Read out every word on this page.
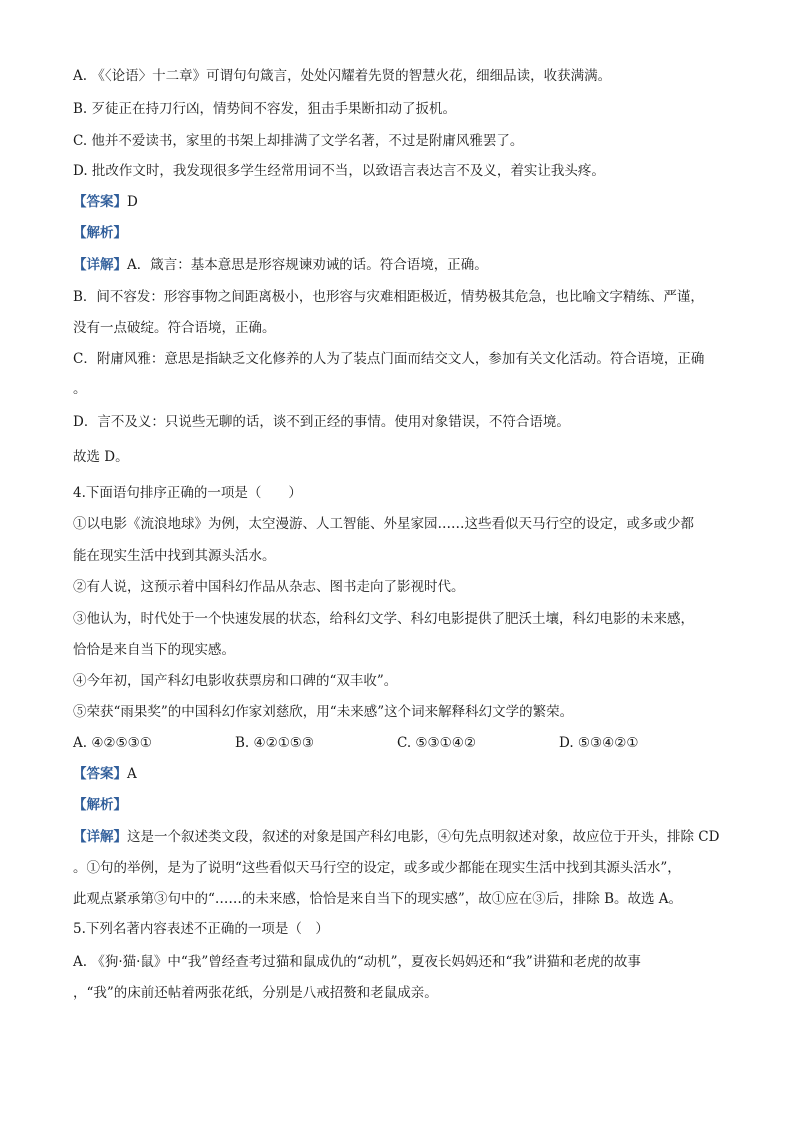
A. 《〈论语〉十二章》可谓句句箴言，处处闪耀着先贤的智慧火花，细细品读，收获满满。
B. 歹徒正在持刀行凶，情势间不容发，狙击手果断扣动了扳机。
C. 他并不爱读书，家里的书架上却排满了文学名著，不过是附庸风雅罢了。
D. 批改作文时，我发现很多学生经常用词不当，以致语言表达言不及义，着实让我头疼。
【答案】D
【解析】
【详解】A．箴言：基本意思是形容规谏劝诫的话。符合语境，正确。
B．间不容发：形容事物之间距离极小，也形容与灾难相距极近，情势极其危急，也比喻文字精练、严谨，
没有一点破绽。符合语境，正确。
C．附庸风雅：意思是指缺乏文化修养的人为了装点门面而结交文人，参加有关文化活动。符合语境，正确
。
D．言不及义：只说些无聊的话，谈不到正经的事情。使用对象错误，不符合语境。
故选 D。
4.下面语句排序正确的一项是（　　）
①以电影《流浪地球》为例，太空漫游、人工智能、外星家园……这些看似天马行空的设定，或多或少都
能在现实生活中找到其源头活水。
②有人说，这预示着中国科幻作品从杂志、图书走向了影视时代。
③他认为，时代处于一个快速发展的状态，给科幻文学、科幻电影提供了肥沃土壤，科幻电影的未来感，
恰恰是来自当下的现实感。
④今年初，国产科幻电影收获票房和口碑的“双丰收”。
⑤荣获“雨果奖”的中国科幻作家刘慈欣，用“未来感”这个词来解释科幻文学的繁荣。
A. ④②⑤③①	B. ④②①⑤③	C. ⑤③①④②	D. ⑤③④②①
【答案】A
【解析】
【详解】这是一个叙述类文段，叙述的对象是国产科幻电影，④句先点明叙述对象，故应位于开头，排除 CD
。①句的举例，是为了说明“这些看似天马行空的设定，或多或少都能在现实生活中找到其源头活水”，
此观点紧承第③句中的“……的未来感，恰恰是来自当下的现实感”，故①应在③后，排除 B。故选 A。
5.下列名著内容表述不正确的一项是（　）
A. 《狗·猫·鼠》中“我”曾经查考过猫和鼠成仇的“动机”，夏夜长妈妈还和“我”讲猫和老虎的故事
，“我”的床前还帖着两张花纸，分别是八戒招赘和老鼠成亲。
